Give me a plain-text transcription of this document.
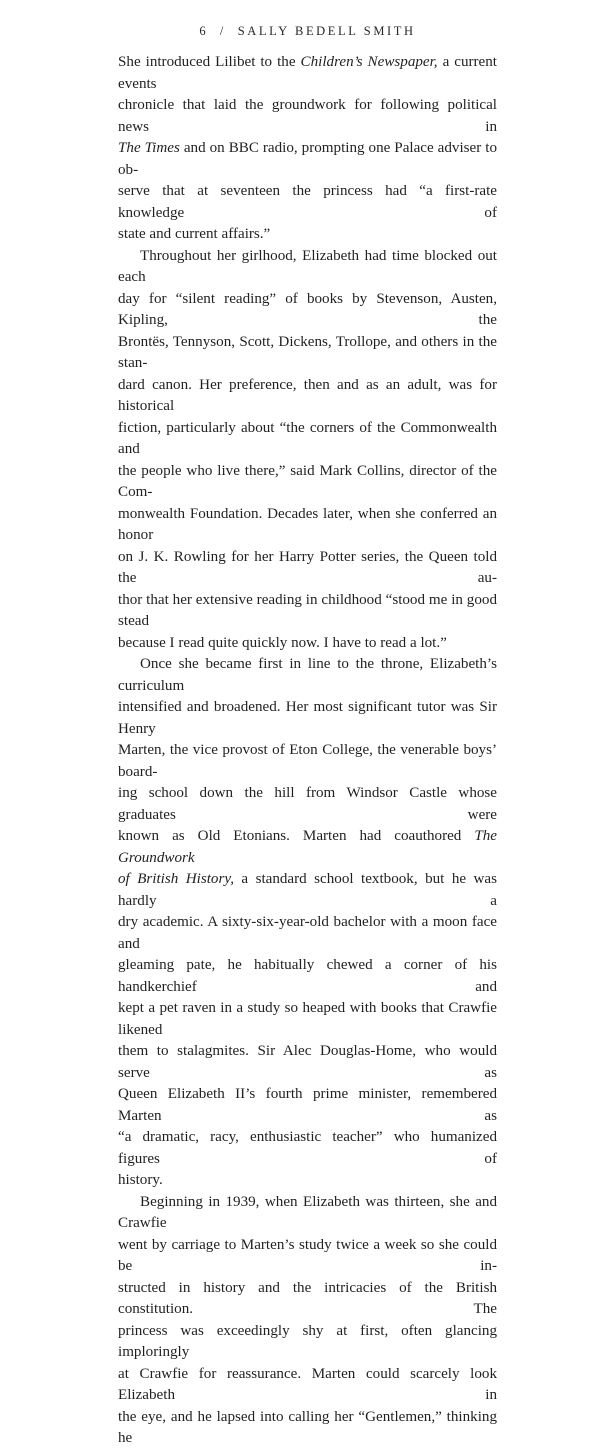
6 / SALLY BEDELL SMITH

She introduced Lilibet to the Children’s Newspaper, a current events
chronicle that laid the groundwork for following political news in
The Times and on BBC radio, prompting one Palace adviser to ob-
serve that at seventeen the princess had “a first-rate knowledge of
state and current affairs.”

Throughout her girlhood, Elizabeth had time blocked out each
day for “silent reading” of books by Stevenson, Austen, Kipling, the
Brontës, Tennyson, Scott, Dickens, Trollope, and others in the stan-
dard canon. Her preference, then and as an adult, was for historical
fiction, particularly about “the corners of the Commonwealth and
the people who live there,” said Mark Collins, director of the Com-
monwealth Foundation. Decades later, when she conferred an honor
on J. K. Rowling for her Harry Potter series, the Queen told the au-
thor that her extensive reading in childhood “stood me in good stead
because I read quite quickly now. I have to read a lot.”

Once she became first in line to the throne, Elizabeth’s curriculum
intensified and broadened. Her most significant tutor was Sir Henry
Marten, the vice provost of Eton College, the venerable boys’ board-
ing school down the hill from Windsor Castle whose graduates were
known as Old Etonians. Marten had coauthored The Groundwork
of British History, a standard school textbook, but he was hardly a
dry academic. A sixty-six-year-old bachelor with a moon face and
gleaming pate, he habitually chewed a corner of his handkerchief and
kept a pet raven in a study so heaped with books that Crawfie likened
them to stalagmites. Sir Alec Douglas-Home, who would serve as
Queen Elizabeth II’s fourth prime minister, remembered Marten as
“a dramatic, racy, enthusiastic teacher” who humanized figures of
history.

Beginning in 1939, when Elizabeth was thirteen, she and Crawfie
went by carriage to Marten’s study twice a week so she could be in-
structed in history and the intricacies of the British constitution. The
princess was exceedingly shy at first, often glancing imploringly
at Crawfie for reassurance. Marten could scarcely look Elizabeth in
the eye, and he lapsed into calling her “Gentlemen,” thinking he
